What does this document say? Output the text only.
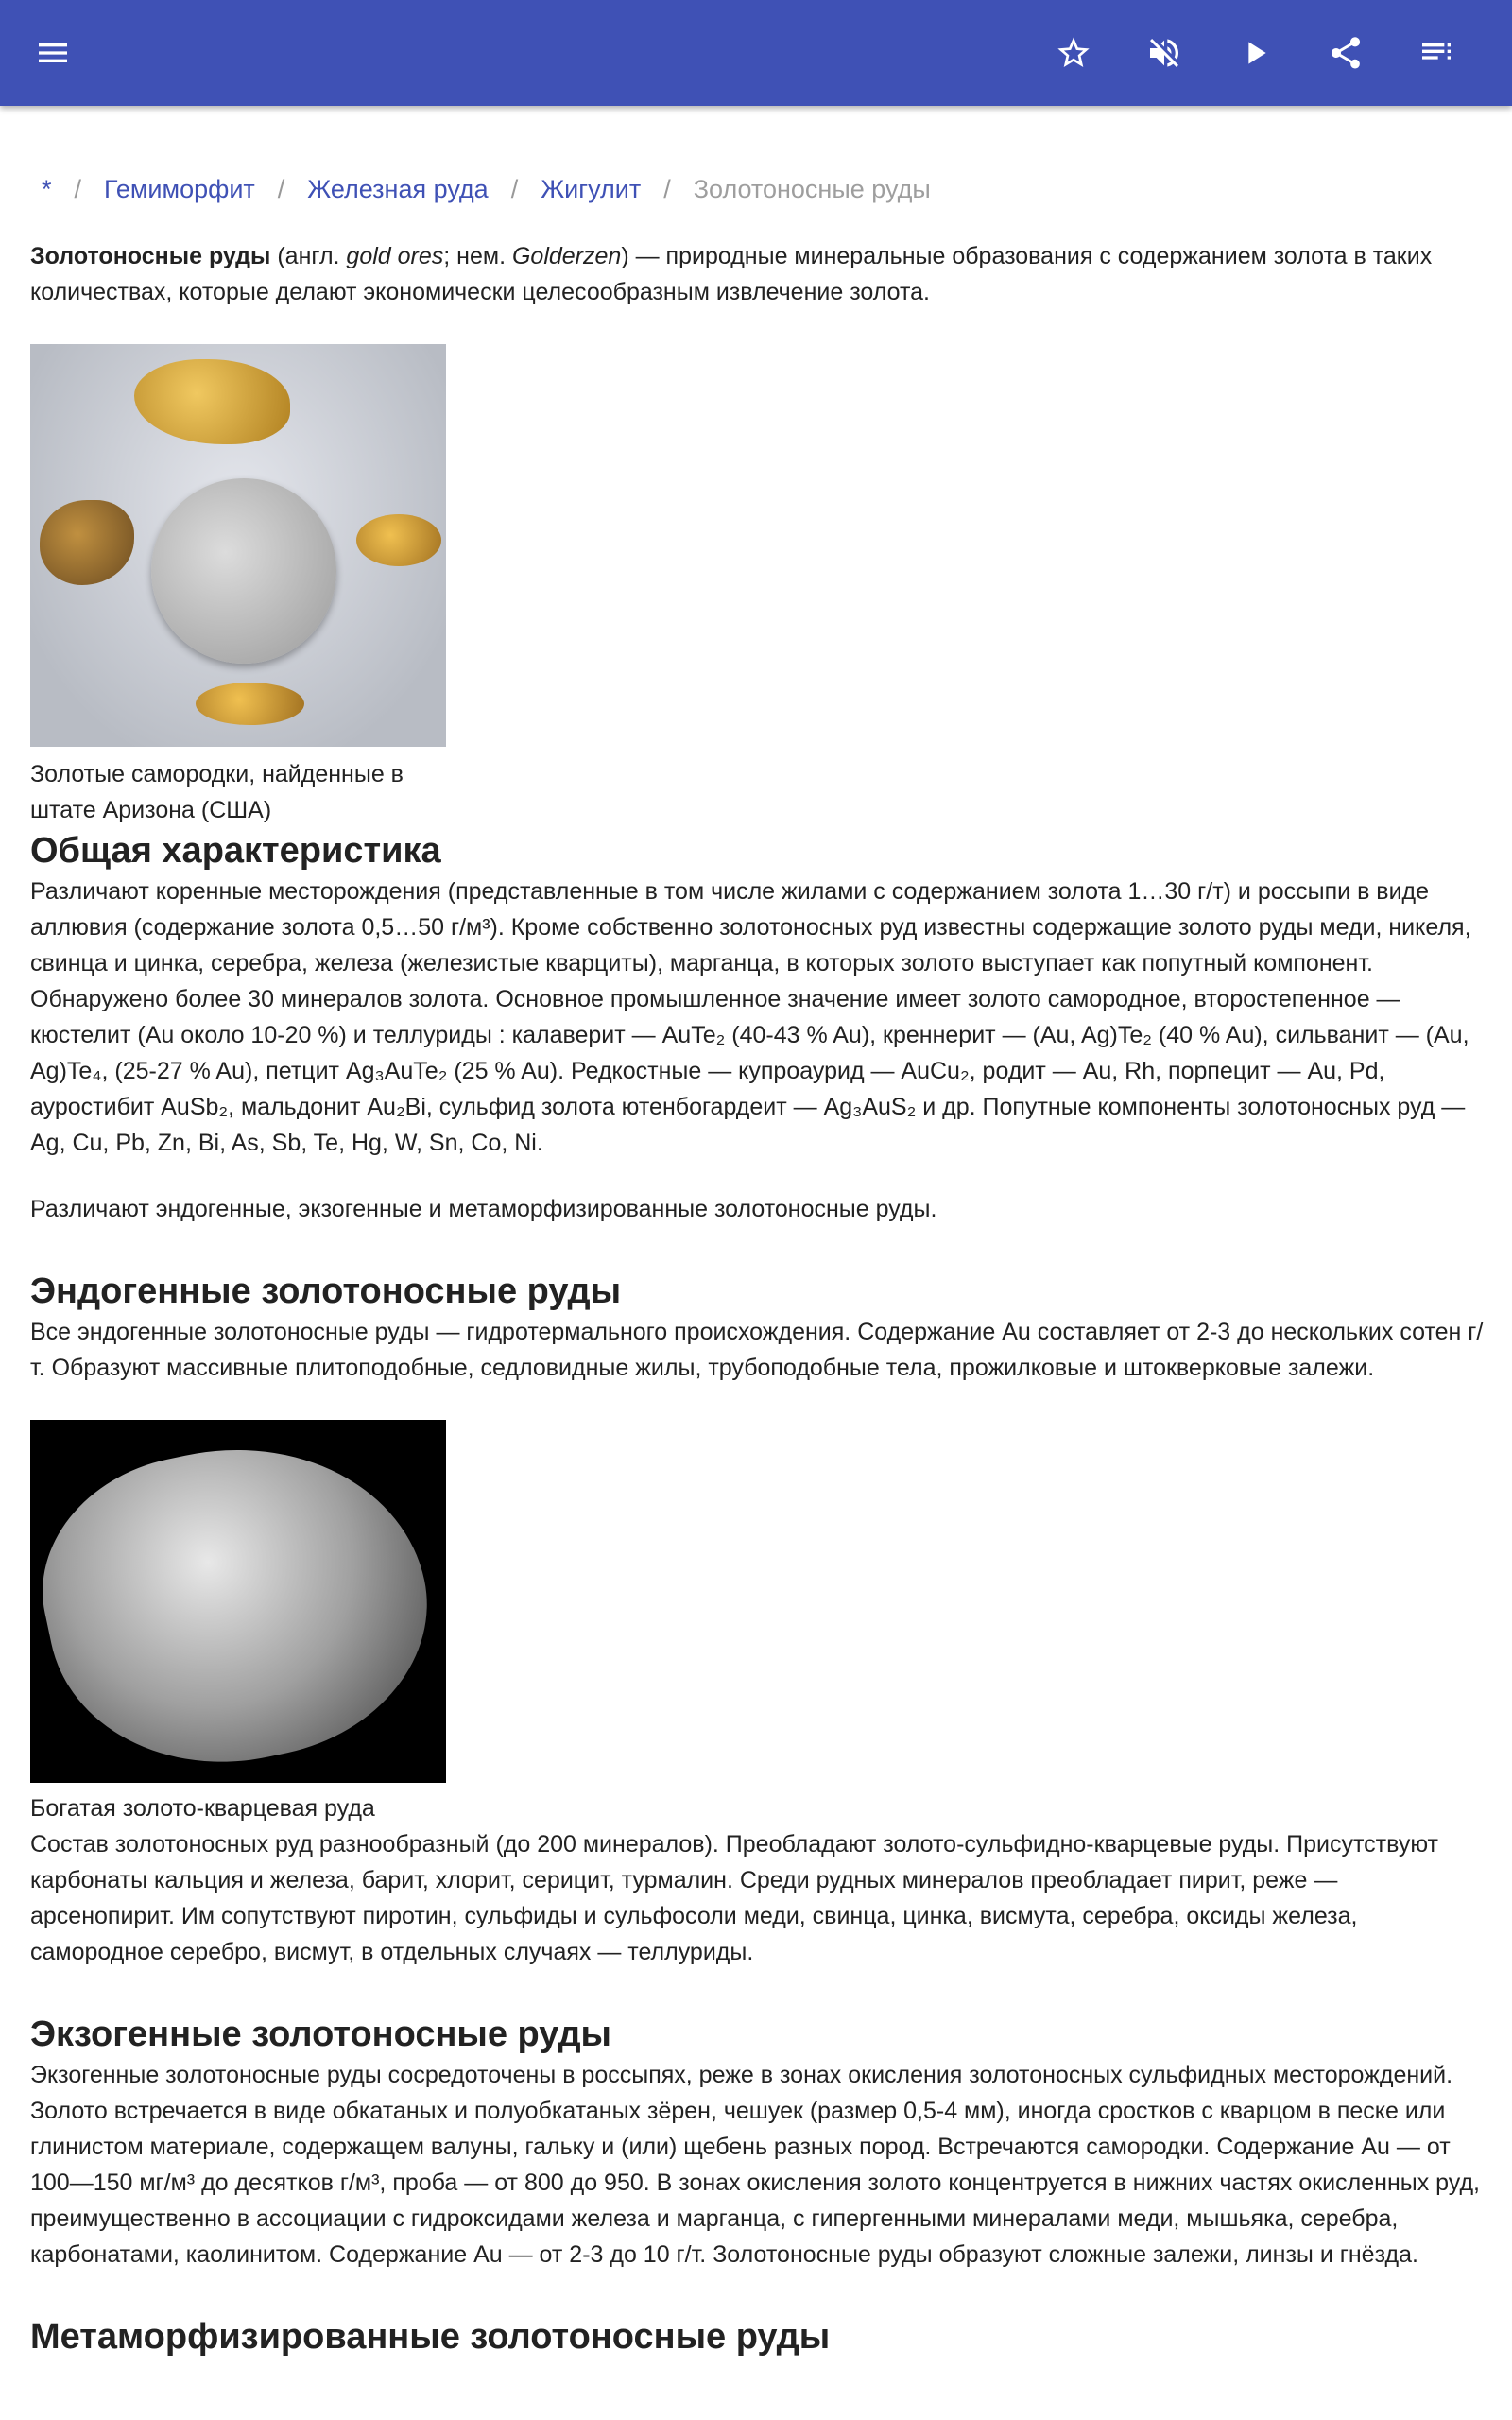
* / Гемиморфит / Железная руда / Жигулит / Золотоносные руды

Золотоносные руды (англ. gold ores; нем. Golderzen) — природные минеральные образования с содержанием золота в таких количествах, которые делают экономически целесообразным извлечение золота.

Золотые самородки, найденные в штате Аризона (США)

Общая характеристика

Различают коренные месторождения (представленные в том числе жилами с содержанием золота 1…30 г/т) и россыпи в виде аллювия (содержание золота 0,5…50 г/м³). Кроме собственно золотоносных руд известны содержащие золото руды меди, никеля, свинца и цинка, серебра, железа (железистые кварциты), марганца, в которых золото выступает как попутный компонент. Обнаружено более 30 минералов золота. Основное промышленное значение имеет золото самородное, второстепенное — кюстелит (Au около 10-20 %) и теллуриды : калаверит — AuTe₂ (40-43 % Au), креннерит — (Au, Ag)Te₂ (40 % Au), сильванит — (Au, Ag)Te₄, (25-27 % Au), петцит Ag₃AuTe₂ (25 % Au). Редкостные — купроаурид — AuCu₂, родит — Au, Rh, порпецит — Au, Pd, ауростибит AuSb₂, мальдонит Au₂Bi, сульфид золота ютенбогардеит — Ag₃AuS₂ и др. Попутные компоненты золотоносных руд — Ag, Cu, Pb, Zn, Bi, As, Sb, Te, Hg, W, Sn, Co, Ni.

Различают эндогенные, экзогенные и метаморфизированные золотоносные руды.

Эндогенные золотоносные руды

Все эндогенные золотоносные руды — гидротермального происхождения. Содержание Au составляет от 2-3 до нескольких сотен г/т. Образуют массивные плитоподобные, седловидные жилы, трубоподобные тела, прожилковые и штокверковые залежи.

Богатая золото-кварцевая руда

Состав золотоносных руд разнообразный (до 200 минералов). Преобладают золото-сульфидно-кварцевые руды. Присутствуют карбонаты кальция и железа, барит, хлорит, серицит, турмалин. Среди рудных минералов преобладает пирит, реже — арсенопирит. Им сопутствуют пиротин, сульфиды и сульфосоли меди, свинца, цинка, висмута, серебра, оксиды железа, самородное серебро, висмут, в отдельных случаях — теллуриды.

Экзогенные золотоносные руды

Экзогенные золотоносные руды сосредоточены в россыпях, реже в зонах окисления золотоносных сульфидных месторождений. Золото встречается в виде обкатаных и полуобкатаных зёрен, чешуек (размер 0,5-4 мм), иногда сростков с кварцом в песке или глинистом материале, содержащем валуны, гальку и (или) щебень разных пород. Встречаются самородки. Содержание Au — от 100—150 мг/м³ до десятков г/м³, проба — от 800 до 950. В зонах окисления золото концентруется в нижних частях окисленных руд, преимущественно в ассоциации с гидроксидами железа и марганца, с гипергенными минералами меди, мышьяка, серебра, карбонатами, каолинитом. Содержание Au — от 2-3 до 10 г/т. Золотоносные руды образуют сложные залежи, линзы и гнёзда.

Метаморфизированные золотоносные руды
